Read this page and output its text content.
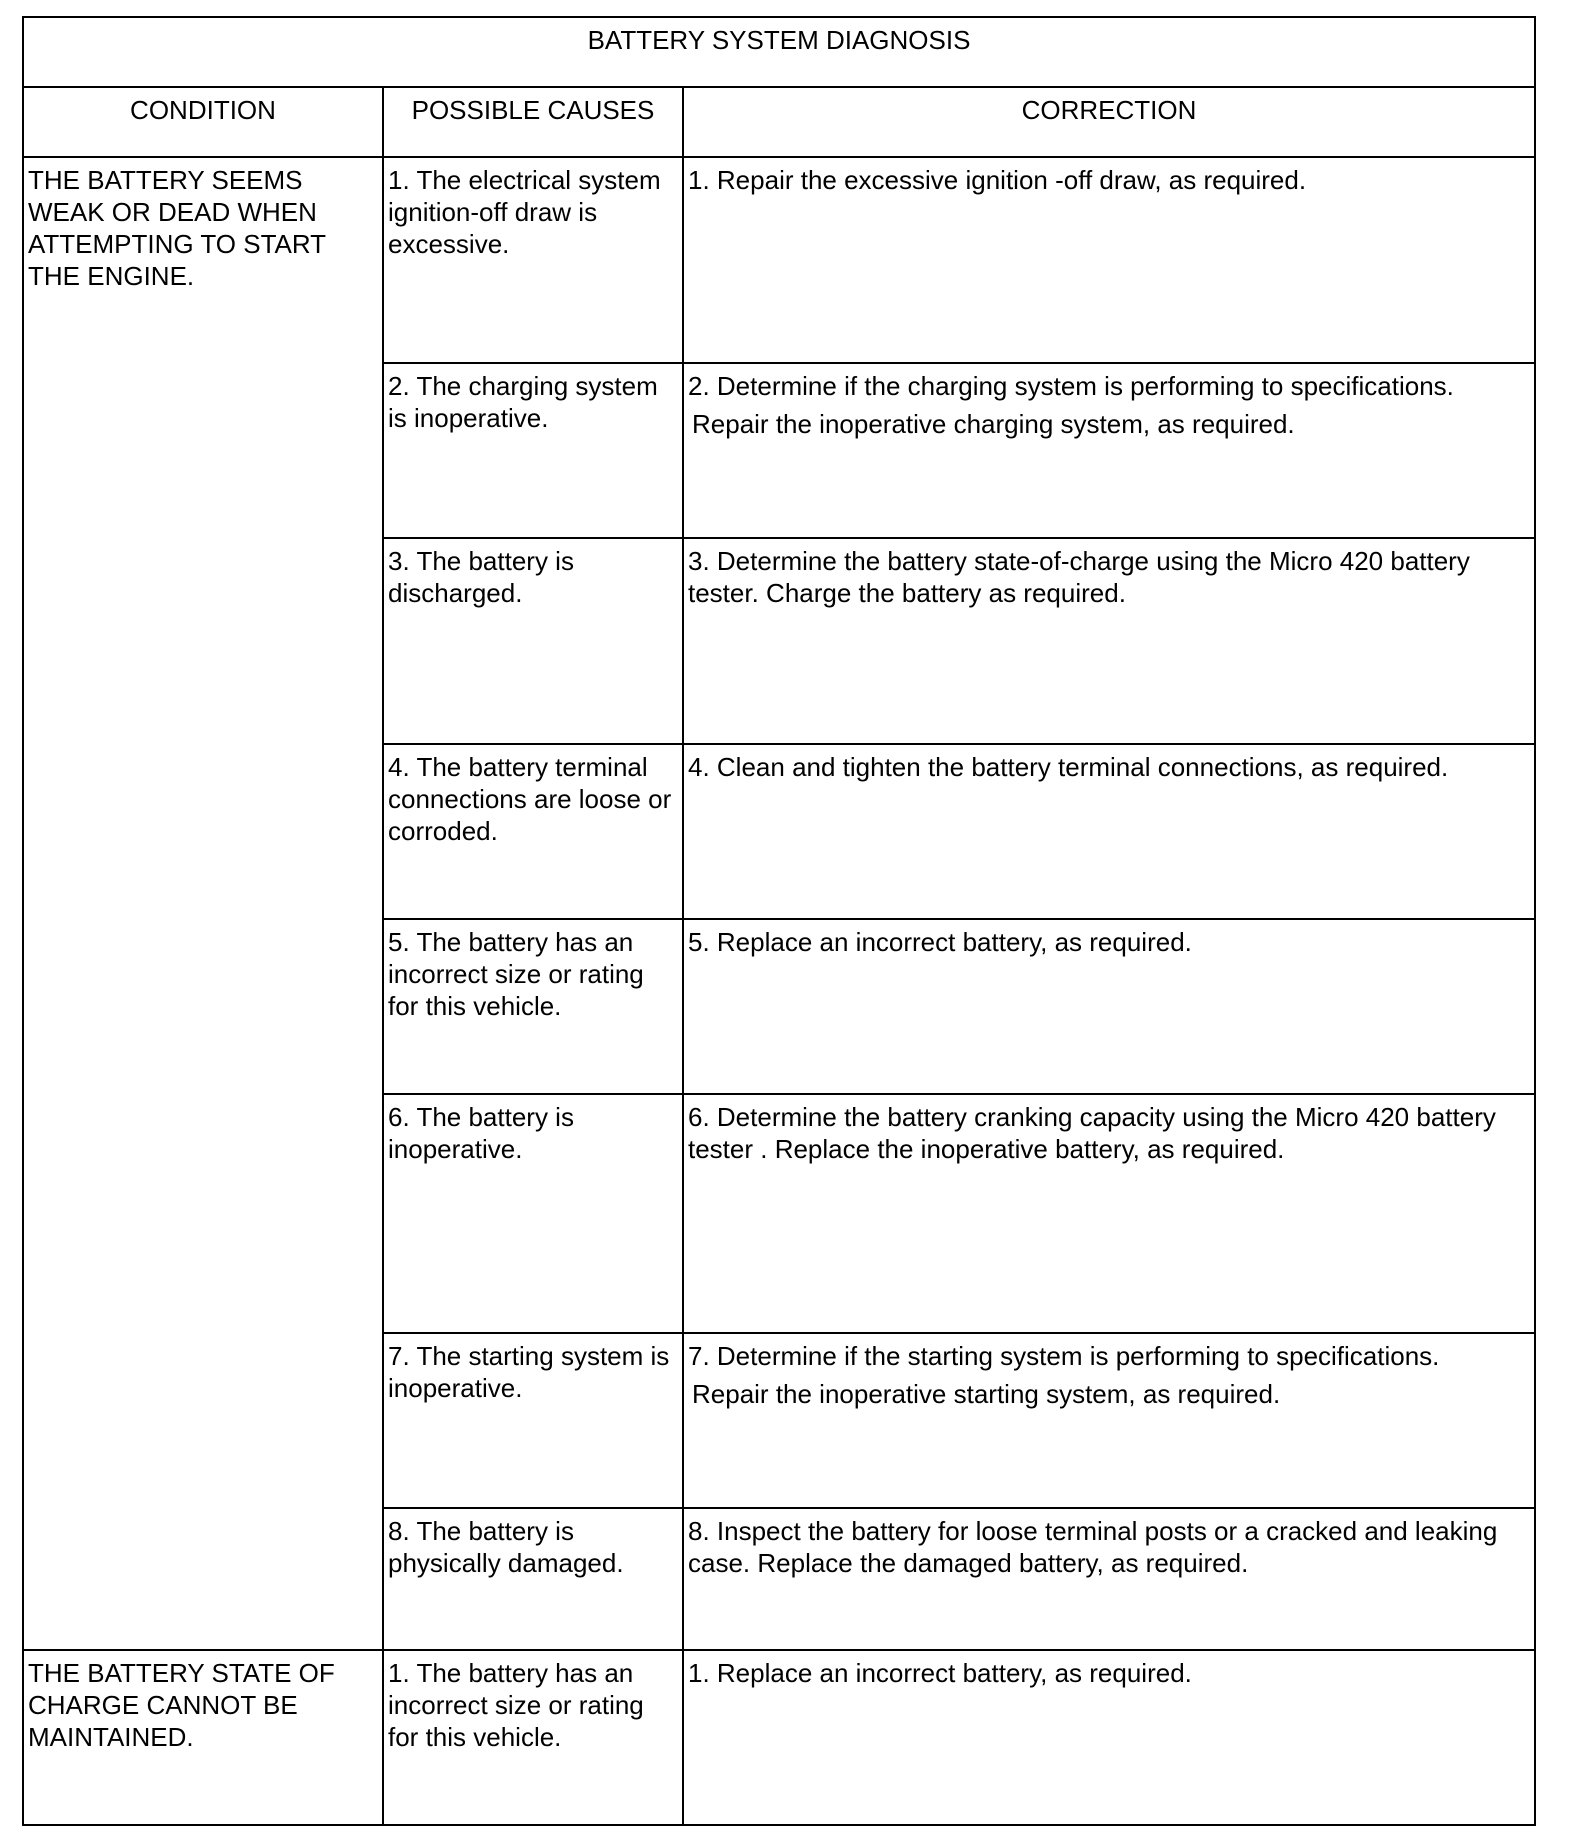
BATTERY SYSTEM DIAGNOSIS		
CONDITION	POSSIBLE CAUSES	CORRECTION
THE BATTERY SEEMS WEAK OR DEAD WHEN ATTEMPTING TO START THE ENGINE.	1. The electrical system ignition-off draw is excessive.	1. Repair the excessive ignition -off draw, as required.

	2. The charging system is inoperative.	2. Determine if the charging system is performing to specifications.
Repair the inoperative charging system, as required.

	3. The battery is discharged.	3. Determine the battery state-of-charge using the Micro 420 battery tester. Charge the battery as required.

	4. The battery terminal connections are loose or corroded.	4. Clean and tighten the battery terminal connections, as required.

	5. The battery has an incorrect size or rating for this vehicle.	5. Replace an incorrect battery, as required.

	6. The battery is inoperative.	6. Determine the battery cranking capacity using the Micro 420 battery tester . Replace the inoperative battery, as required.

	7. The starting system is inoperative.	7. Determine if the starting system is performing to specifications.
Repair the inoperative starting system, as required.

	8. The battery is physically damaged.	8. Inspect the battery for loose terminal posts or a cracked and leaking case. Replace the damaged battery, as required.

THE BATTERY STATE OF CHARGE CANNOT BE MAINTAINED.	1. The battery has an incorrect size or rating for this vehicle.	1. Replace an incorrect battery, as required.
